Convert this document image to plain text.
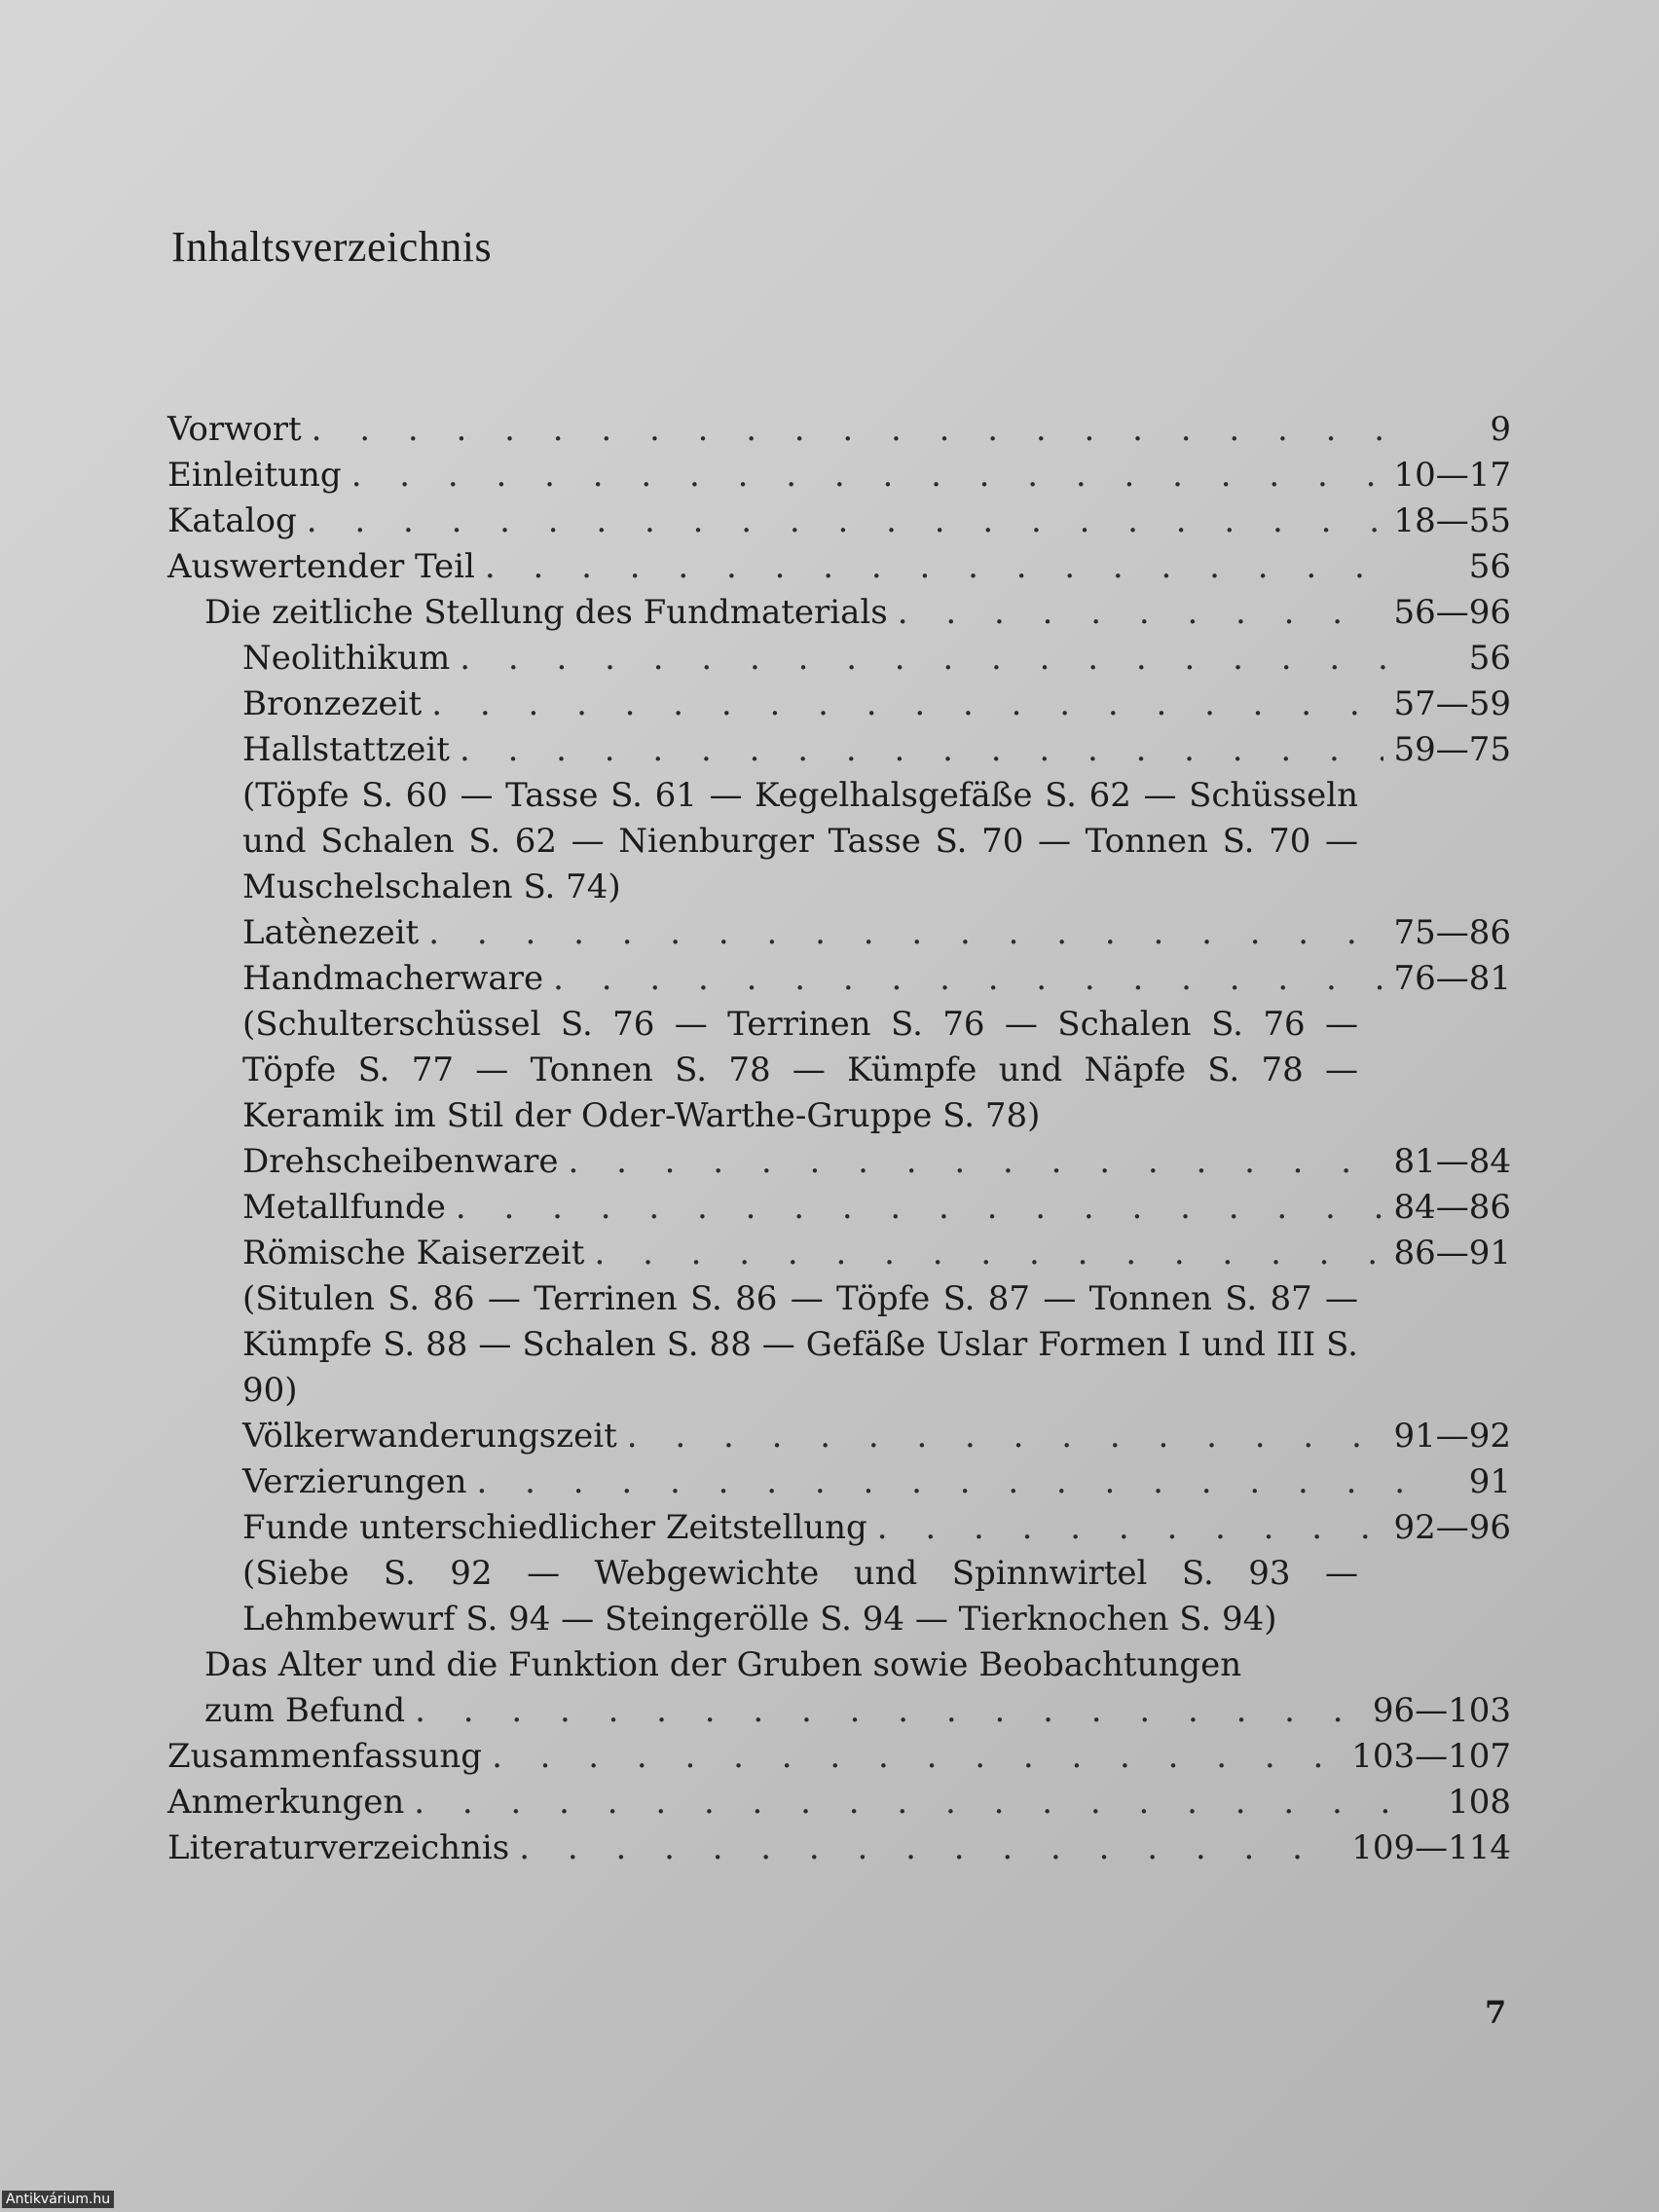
Inhaltsverzeichnis
Vorwort . . .	9
Einleitung . . .	10—17
Katalog . . .	18—55
Auswertender Teil . . .	56
Die zeitliche Stellung des Fundmaterials . . .	56—96
Neolithikum . . .	56
Bronzezeit . . .	57—59
Hallstattzeit . . .	59—75
(Töpfe S. 60 — Tasse S. 61 — Kegelhalsgefäße S. 62 — Schüsseln und Schalen S. 62 — Nienburger Tasse S. 70 — Tonnen S. 70 — Muschelschalen S. 74)
Latènezeit . . .	75—86
Handmacherware . . .	76—81
(Schulterschüssel S. 76 — Terrinen S. 76 — Schalen S. 76 — Töpfe S. 77 — Tonnen S. 78 — Kümpfe und Näpfe S. 78 — Keramik im Stil der Oder-Warthe-Gruppe S. 78)
Drehscheibenware . . .	81—84
Metallfunde . . .	84—86
Römische Kaiserzeit . . .	86—91
(Situlen S. 86 — Terrinen S. 86 — Töpfe S. 87 — Tonnen S. 87 — Kümpfe S. 88 — Schalen S. 88 — Gefäße Uslar Formen I und III S. 90)
Völkerwanderungszeit . . .	91—92
Verzierungen . . .	91
Funde unterschiedlicher Zeitstellung . . .	92—96
(Siebe S. 92 — Webgewichte und Spinnwirtel S. 93 — Lehmbewurf S. 94 — Steingerölle S. 94 — Tierknochen S. 94)
Das Alter und die Funktion der Gruben sowie Beobachtungen
zum Befund . . .	96—103
Zusammenfassung . . .	103—107
Anmerkungen . . .	108
Literaturverzeichnis . . .	109—114
7
Antikvárium.hu
